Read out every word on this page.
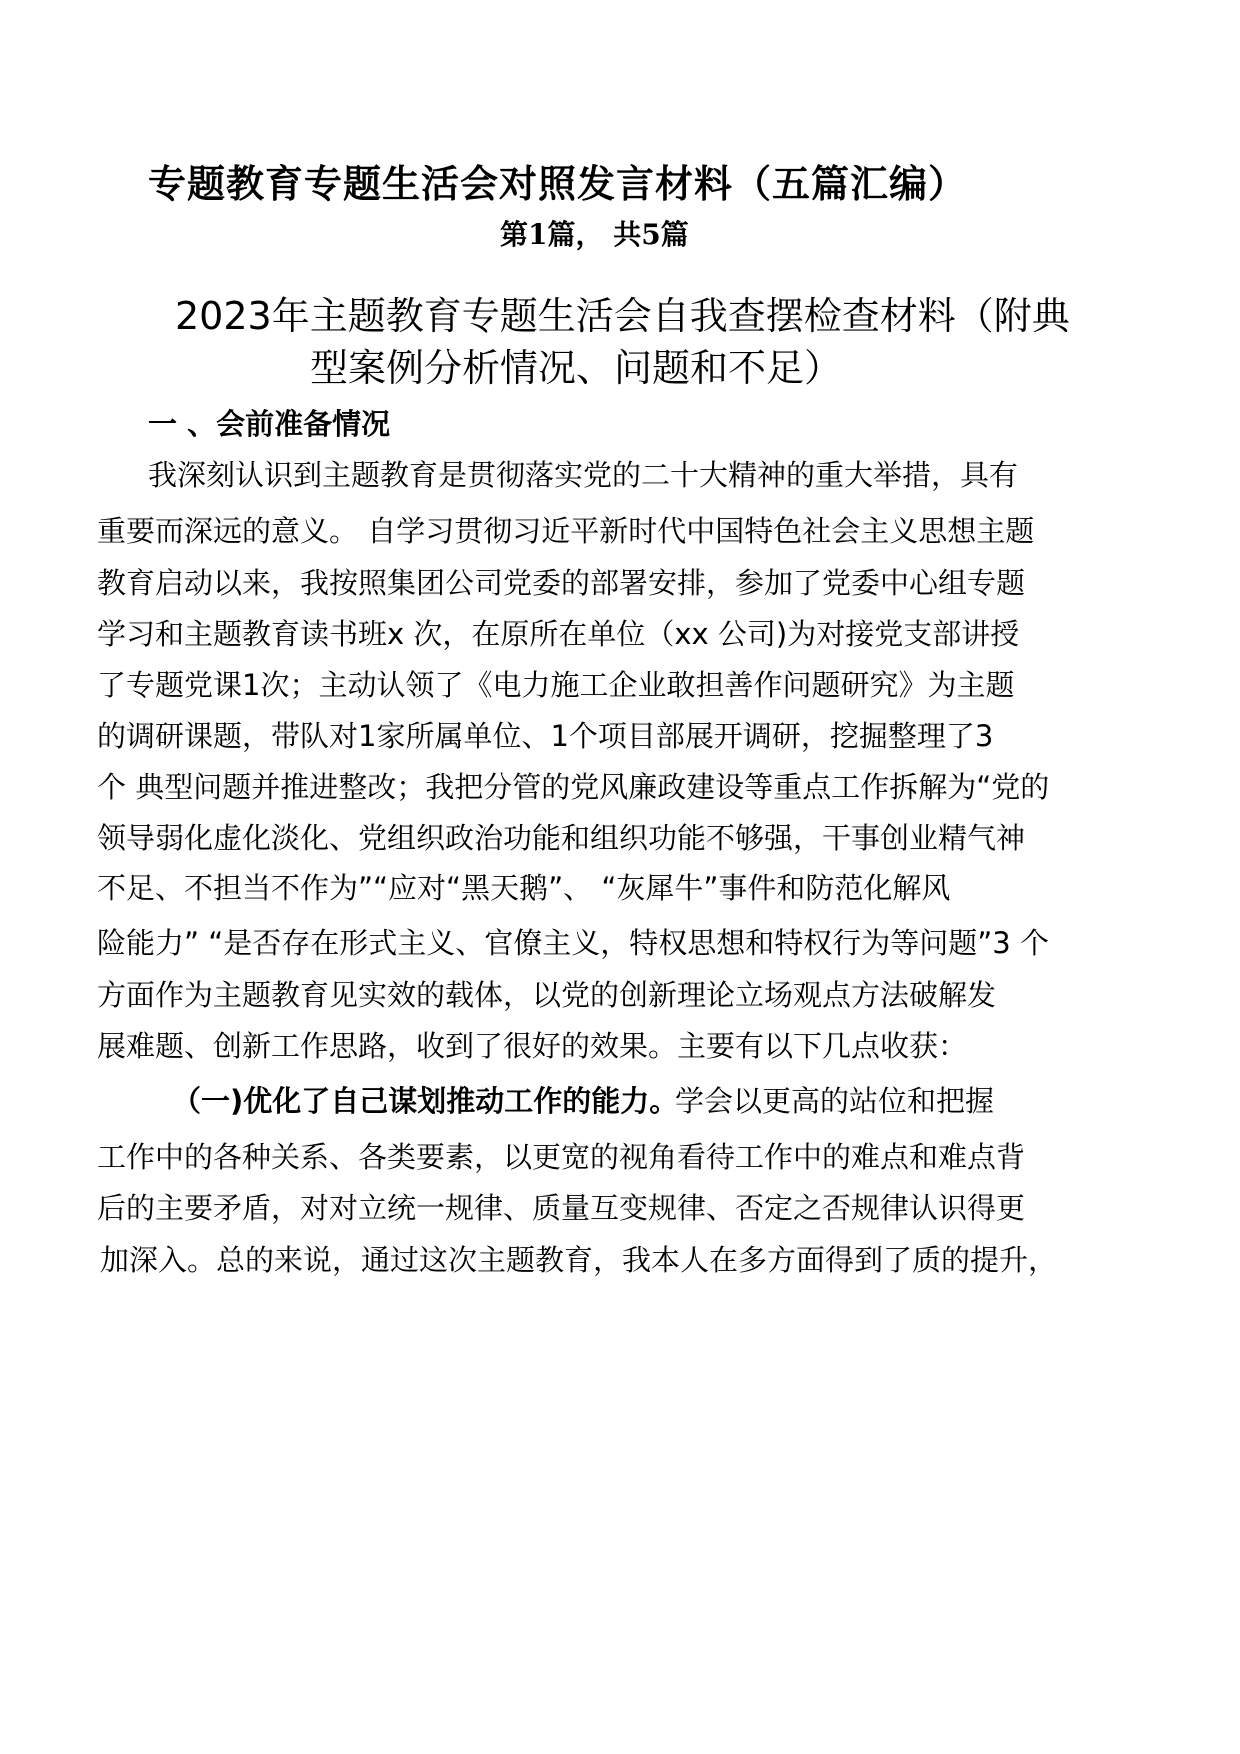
专题教育专题生活会对照发言材料（五篇汇编）
第1篇， 共5篇
2023年主题教育专题生活会自我查摆检查材料（附典
型案例分析情况、问题和不足）
一 、会前准备情况
我深刻认识到主题教育是贯彻落实党的二十大精神的重大举措，具有
重要而深远的意义。 自学习贯彻习近平新时代中国特色社会主义思想主题
教育启动以来，我按照集团公司党委的部署安排，参加了党委中心组专题
学习和主题教育读书班x 次，在原所在单位（xx 公司)为对接党支部讲授
了专题党课1次；主动认领了《电力施工企业敢担善作问题研究》为主题
的调研课题，带队对1家所属单位、1个项目部展开调研，挖掘整理了3
个 典型问题并推进整改；我把分管的党风廉政建设等重点工作拆解为“党的
领导弱化虚化淡化、党组织政治功能和组织功能不够强，干事创业精气神
不足、不担当不作为”“应对“黑天鹅”、 “灰犀牛”事件和防范化解风
险能力” “是否存在形式主义、官僚主义，特权思想和特权行为等问题”3 个
方面作为主题教育见实效的载体，以党的创新理论立场观点方法破解发
展难题、创新工作思路，收到了很好的效果。主要有以下几点收获：
（一)优化了自己谋划推动工作的能力。
学会以更高的站位和把握
工作中的各种关系、各类要素，以更宽的视角看待工作中的难点和难点背
后的主要矛盾，对对立统一规律、质量互变规律、否定之否规律认识得更
加深入。总的来说，通过这次主题教育，我本人在多方面得到了质的提升，
